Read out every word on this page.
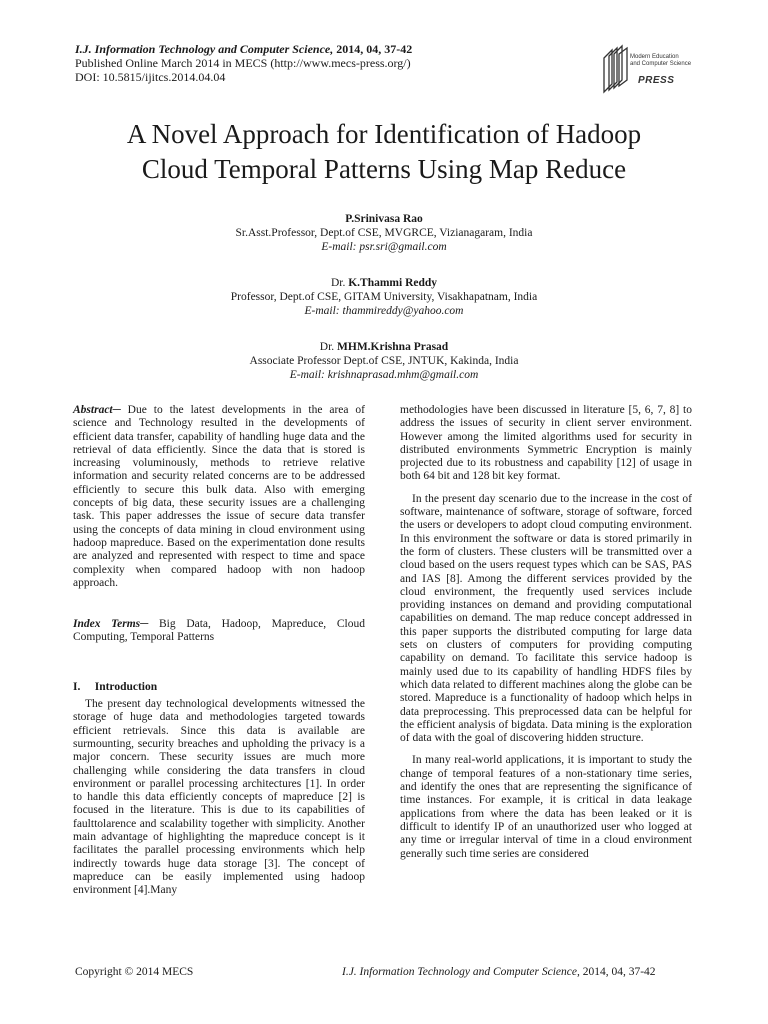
I.J. Information Technology and Computer Science, 2014, 04, 37-42
Published Online March 2014 in MECS (http://www.mecs-press.org/)
DOI: 10.5815/ijitcs.2014.04.04
Modern Education
and Computer Science
PRESS
A Novel Approach for Identification of Hadoop
Cloud Temporal Patterns Using Map Reduce
P.Srinivasa Rao
Sr.Asst.Professor, Dept.of CSE, MVGRCE, Vizianagaram, India
E-mail: psr.sri@gmail.com
Dr. K.Thammi Reddy
Professor, Dept.of CSE, GITAM University, Visakhapatnam, India
E-mail: thammireddy@yahoo.com
Dr. MHM.Krishna Prasad
Associate Professor Dept.of CSE, JNTUK, Kakinda, India
E-mail: krishnaprasad.mhm@gmail.com

Abstract─ Due to the latest developments in the area of science and Technology resulted in the developments of efficient data transfer, capability of handling huge data and the retrieval of data efficiently. Since the data that is stored is increasing voluminously, methods to retrieve relative information and security related concerns are to be addressed efficiently to secure this bulk data. Also with emerging concepts of big data, these security issues are a challenging task. This paper addresses the issue of secure data transfer using the concepts of data mining in cloud environment using hadoop mapreduce. Based on the experimentation done results are analyzed and represented with respect to time and space complexity when compared hadoop with non hadoop approach.

Index Terms─ Big Data, Hadoop, Mapreduce, Cloud Computing, Temporal Patterns

I.     Introduction

The present day technological developments witnessed the storage of huge data and methodologies targeted towards efficient retrievals. Since this data is available are surmounting, security breaches and upholding the privacy is a major concern. These security issues are much more challenging while considering the data transfers in cloud environment or parallel processing architectures [1]. In order to handle this data efficiently concepts of mapreduce [2] is focused in the literature. This is due to its capabilities of faulttolarence and scalability together with simplicity. Another main advantage of highlighting the mapreduce concept is it facilitates the parallel processing environments which help indirectly towards huge data storage [3]. The concept of mapreduce can be easily implemented using hadoop environment [4].Many

methodologies have been discussed in literature [5, 6, 7, 8] to address the issues of security in client server environment. However among the limited algorithms used for security in distributed environments Symmetric Encryption is mainly projected due to its robustness and capability [12] of usage in both 64 bit and 128 bit key format.

In the present day scenario due to the increase in the cost of software, maintenance of software, storage of software, forced the users or developers to adopt cloud computing environment. In this environment the software or data is stored primarily in the form of clusters. These clusters will be transmitted over a cloud based on the users request types which can be SAS, PAS and IAS [8]. Among the different services provided by the cloud environment, the frequently used services include providing instances on demand and providing computational capabilities on demand. The map reduce concept addressed in this paper supports the distributed computing for large data sets on clusters of computers for providing computing capability on demand. To facilitate this service hadoop is mainly used due to its capability of handling HDFS files by which data related to different machines along the globe can be stored. Mapreduce is a functionality of hadoop which helps in data preprocessing. This preprocessed data can be helpful for the efficient analysis of bigdata. Data mining is the exploration of data with the goal of discovering hidden structure.

In many real-world applications, it is important to study the change of temporal features of a non-stationary time series, and identify the ones that are representing the significance of time instances. For example, it is critical in data leakage applications from where the data has been leaked or it is difficult to identify IP of an unauthorized user who logged at any time or irregular interval of time in a cloud environment generally such time series are considered

Copyright © 2014 MECS	I.J. Information Technology and Computer Science, 2014, 04, 37-42
